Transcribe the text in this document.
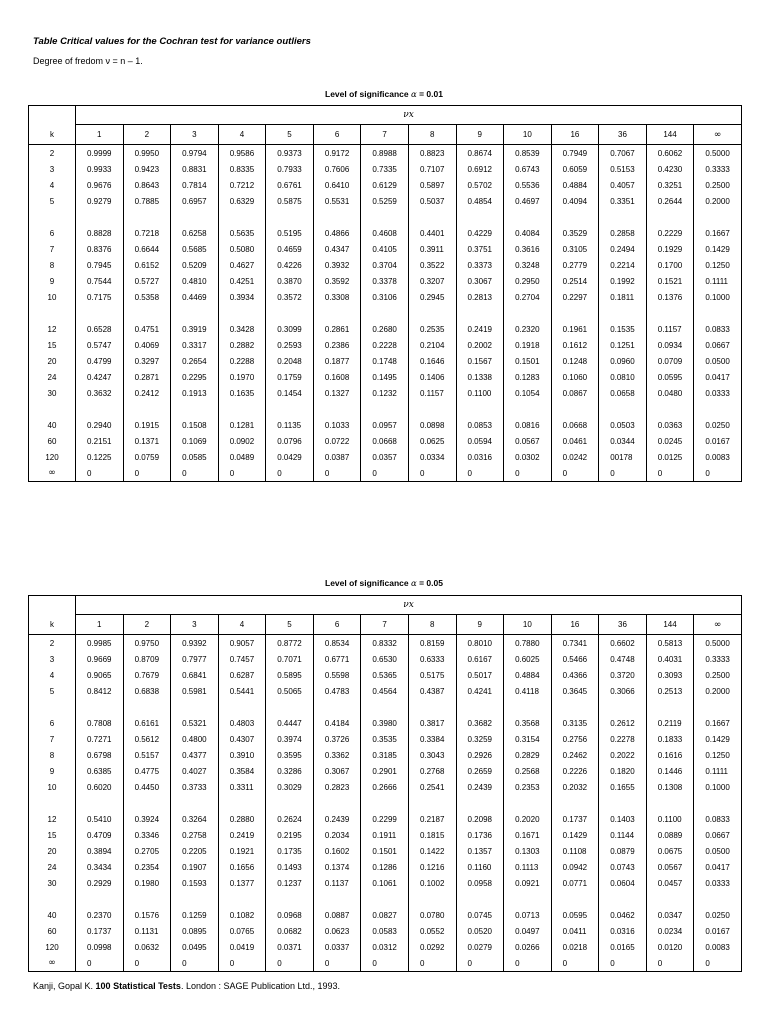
Table Critical values for the Cochran test for variance outliers
Degree of fredom ν = n – 1.
Level of significance α = 0.01
	νx													
k	1	2	3	4	5	6	7	8	9	10	16	36	144	∞
2	0.9999	0.9950	0.9794	0.9586	0.9373	0.9172	0.8988	0.8823	0.8674	0.8539	0.7949	0.7067	0.6062	0.5000
3	0.9933	0.9423	0.8831	0.8335	0.7933	0.7606	0.7335	0.7107	0.6912	0.6743	0.6059	0.5153	0.4230	0.3333
4	0.9676	0.8643	0.7814	0.7212	0.6761	0.6410	0.6129	0.5897	0.5702	0.5536	0.4884	0.4057	0.3251	0.2500
5	0.9279	0.7885	0.6957	0.6329	0.5875	0.5531	0.5259	0.5037	0.4854	0.4697	0.4094	0.3351	0.2644	0.2000

6	0.8828	0.7218	0.6258	0.5635	0.5195	0.4866	0.4608	0.4401	0.4229	0.4084	0.3529	0.2858	0.2229	0.1667
7	0.8376	0.6644	0.5685	0.5080	0.4659	0.4347	0.4105	0.3911	0.3751	0.3616	0.3105	0.2494	0.1929	0.1429
8	0.7945	0.6152	0.5209	0.4627	0.4226	0.3932	0.3704	0.3522	0.3373	0.3248	0.2779	0.2214	0.1700	0.1250
9	0.7544	0.5727	0.4810	0.4251	0.3870	0.3592	0.3378	0.3207	0.3067	0.2950	0.2514	0.1992	0.1521	0.1111
10	0.7175	0.5358	0.4469	0.3934	0.3572	0.3308	0.3106	0.2945	0.2813	0.2704	0.2297	0.1811	0.1376	0.1000

12	0.6528	0.4751	0.3919	0.3428	0.3099	0.2861	0.2680	0.2535	0.2419	0.2320	0.1961	0.1535	0.1157	0.0833
15	0.5747	0.4069	0.3317	0.2882	0.2593	0.2386	0.2228	0.2104	0.2002	0.1918	0.1612	0.1251	0.0934	0.0667
20	0.4799	0.3297	0.2654	0.2288	0.2048	0.1877	0.1748	0.1646	0.1567	0.1501	0.1248	0.0960	0.0709	0.0500
24	0.4247	0.2871	0.2295	0.1970	0.1759	0.1608	0.1495	0.1406	0.1338	0.1283	0.1060	0.0810	0.0595	0.0417
30	0.3632	0.2412	0.1913	0.1635	0.1454	0.1327	0.1232	0.1157	0.1100	0.1054	0.0867	0.0658	0.0480	0.0333

40	0.2940	0.1915	0.1508	0.1281	0.1135	0.1033	0.0957	0.0898	0.0853	0.0816	0.0668	0.0503	0.0363	0.0250
60	0.2151	0.1371	0.1069	0.0902	0.0796	0.0722	0.0668	0.0625	0.0594	0.0567	0.0461	0.0344	0.0245	0.0167
120	0.1225	0.0759	0.0585	0.0489	0.0429	0.0387	0.0357	0.0334	0.0316	0.0302	0.0242	00178	0.0125	0.0083
∞	0	0	0	0	0	0	0	0	0	0	0	0	0	0
Level of significance α = 0.05
	νx													
k	1	2	3	4	5	6	7	8	9	10	16	36	144	∞
2	0.9985	0.9750	0.9392	0.9057	0.8772	0.8534	0.8332	0.8159	0.8010	0.7880	0.7341	0.6602	0.5813	0.5000
3	0.9669	0.8709	0.7977	0.7457	0.7071	0.6771	0.6530	0.6333	0.6167	0.6025	0.5466	0.4748	0.4031	0.3333
4	0.9065	0.7679	0.6841	0.6287	0.5895	0.5598	0.5365	0.5175	0.5017	0.4884	0.4366	0.3720	0.3093	0.2500
5	0.8412	0.6838	0.5981	0.5441	0.5065	0.4783	0.4564	0.4387	0.4241	0.4118	0.3645	0.3066	0.2513	0.2000

6	0.7808	0.6161	0.5321	0.4803	0.4447	0.4184	0.3980	0.3817	0.3682	0.3568	0.3135	0.2612	0.2119	0.1667
7	0.7271	0.5612	0.4800	0.4307	0.3974	0.3726	0.3535	0.3384	0.3259	0.3154	0.2756	0.2278	0.1833	0.1429
8	0.6798	0.5157	0.4377	0.3910	0.3595	0.3362	0.3185	0.3043	0.2926	0.2829	0.2462	0.2022	0.1616	0.1250
9	0.6385	0.4775	0.4027	0.3584	0.3286	0.3067	0.2901	0.2768	0.2659	0.2568	0.2226	0.1820	0.1446	0.1111
10	0.6020	0.4450	0.3733	0.3311	0.3029	0.2823	0.2666	0.2541	0.2439	0.2353	0.2032	0.1655	0.1308	0.1000

12	0.5410	0.3924	0.3264	0.2880	0.2624	0.2439	0.2299	0.2187	0.2098	0.2020	0.1737	0.1403	0.1100	0.0833
15	0.4709	0.3346	0.2758	0.2419	0.2195	0.2034	0.1911	0.1815	0.1736	0.1671	0.1429	0.1144	0.0889	0.0667
20	0.3894	0.2705	0.2205	0.1921	0.1735	0.1602	0.1501	0.1422	0.1357	0.1303	0.1108	0.0879	0.0675	0.0500
24	0.3434	0.2354	0.1907	0.1656	0.1493	0.1374	0.1286	0.1216	0.1160	0.1113	0.0942	0.0743	0.0567	0.0417
30	0.2929	0.1980	0.1593	0.1377	0.1237	0.1137	0.1061	0.1002	0.0958	0.0921	0.0771	0.0604	0.0457	0.0333

40	0.2370	0.1576	0.1259	0.1082	0.0968	0.0887	0.0827	0.0780	0.0745	0.0713	0.0595	0.0462	0.0347	0.0250
60	0.1737	0.1131	0.0895	0.0765	0.0682	0.0623	0.0583	0.0552	0.0520	0.0497	0.0411	0.0316	0.0234	0.0167
120	0.0998	0.0632	0.0495	0.0419	0.0371	0.0337	0.0312	0.0292	0.0279	0.0266	0.0218	0.0165	0.0120	0.0083
∞	0	0	0	0	0	0	0	0	0	0	0	0	0	0
Kanji, Gopal K. 100 Statistical Tests. London : SAGE Publication Ltd., 1993.
